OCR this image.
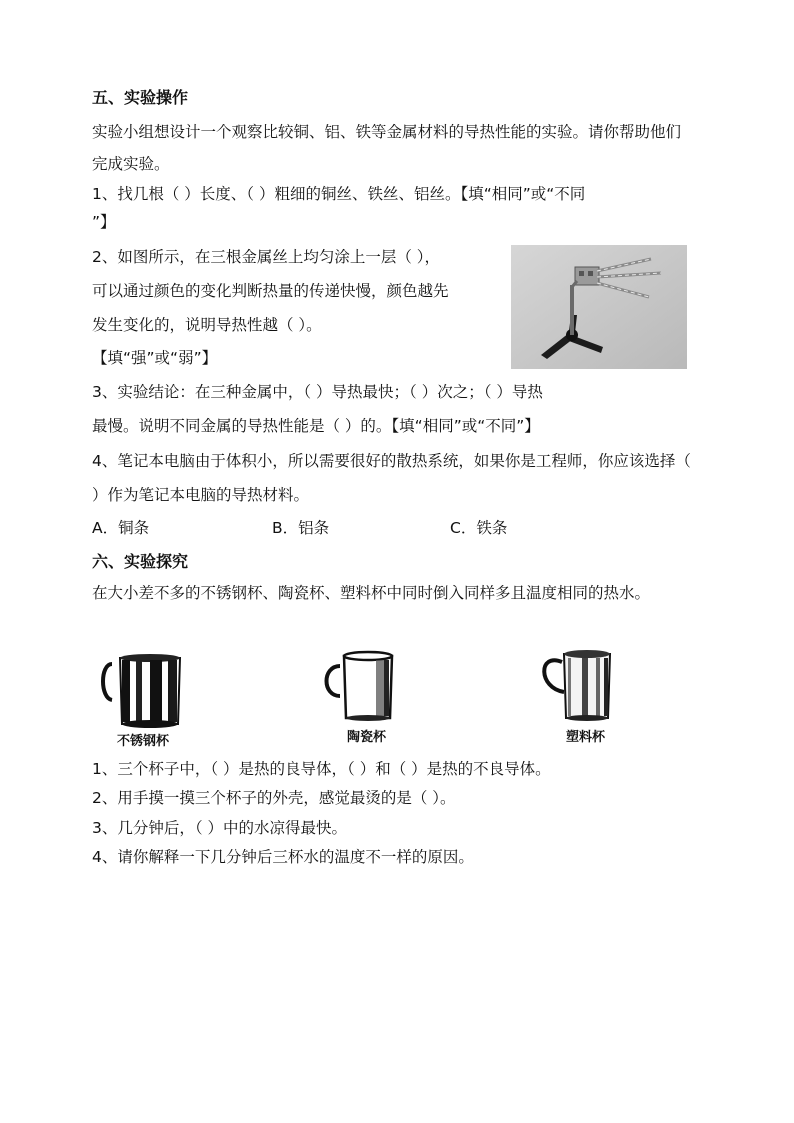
五、实验操作
实验小组想设计一个观察比较铜、铝、铁等金属材料的导热性能的实验。请你帮助他们
完成实验。
1、找几根（ ）长度、（ ）粗细的铜丝、铁丝、铝丝。【填“相同”或“不同
”】
2、如图所示，在三根金属丝上均匀涂上一层（ ），
可以通过颜色的变化判断热量的传递快慢，颜色越先
发生变化的，说明导热性越（ ）。
【填“强”或“弱”】
3、实验结论：在三种金属中，（ ）导热最快；（ ）次之；（ ）导热
最慢。说明不同金属的导热性能是（ ）的。【填“相同”或“不同”】
4、笔记本电脑由于体积小，所以需要很好的散热系统，如果你是工程师，你应该选择（
）作为笔记本电脑的导热材料。
A．铜条	B．铝条	C．铁条
六、实验探究
在大小差不多的不锈钢杯、陶瓷杯、塑料杯中同时倒入同样多且温度相同的热水。
不锈钢杯	陶瓷杯	塑料杯
1、三个杯子中，（ ）是热的良导体，（ ）和（ ）是热的不良导体。
2、用手摸一摸三个杯子的外壳，感觉最烫的是（ ）。
3、几分钟后，（ ）中的水凉得最快。
4、请你解释一下几分钟后三杯水的温度不一样的原因。
